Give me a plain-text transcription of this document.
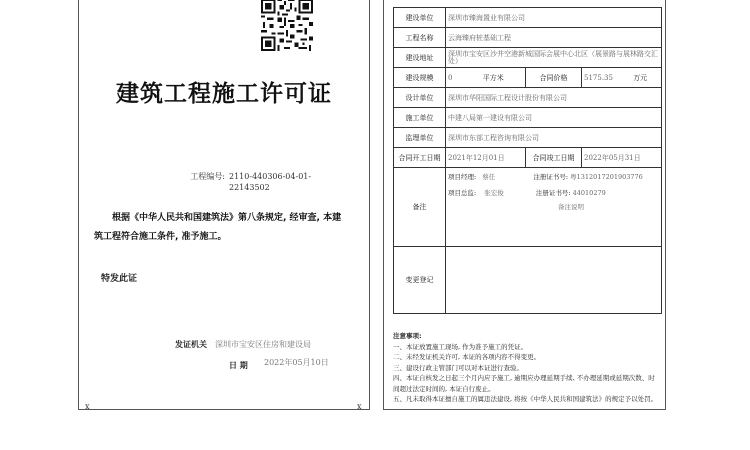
建筑工程施工许可证
工程编号: 2110-440306-04-01-22143502
根据《中华人民共和国建筑法》第八条规定, 经审查, 本建筑工程符合施工条件, 准予施工。
特发此证
发证机关 深圳市宝安区住房和建设局
日 期 2022年05月10日
x	x
建设单位	深圳市臻海置业有限公司		
工程名称	云海臻府桩基础工程		
建设地址	深圳市宝安区沙井空港新城国际会展中心北区（展景路与展林路交汇处）		
建设规模	0 平方米	合同价格	5175.35 万元
设计单位	深圳市华阳国际工程设计股份有限公司		
施工单位	中建八局第一建设有限公司		
监理单位	深圳市东部工程咨询有限公司		
合同开工日期	2021年12月01日	合同竣工日期	2022年05月31日
备注	项目经理: 蔡任 注册证书号: 粤1312017201903776
项目总监: 张宏俊 注册证书号: 44010279
备注说明		

变更登记			
注意事项:
一、本证放置施工现场, 作为准予施工的凭证。
二、未经发证机关许可, 本证的各项内容不得变更。
三、建设行政主管部门可以对本证进行查验。
四、本证自核发之日起三个月内应予施工, 逾期应办理延期手续, 不办理延期或延期次数、时间超过法定时间的, 本证自行废止。
五、凡未取得本证擅自施工的属违法建设, 将按《中华人民共和国建筑法》的规定予以处罚。
